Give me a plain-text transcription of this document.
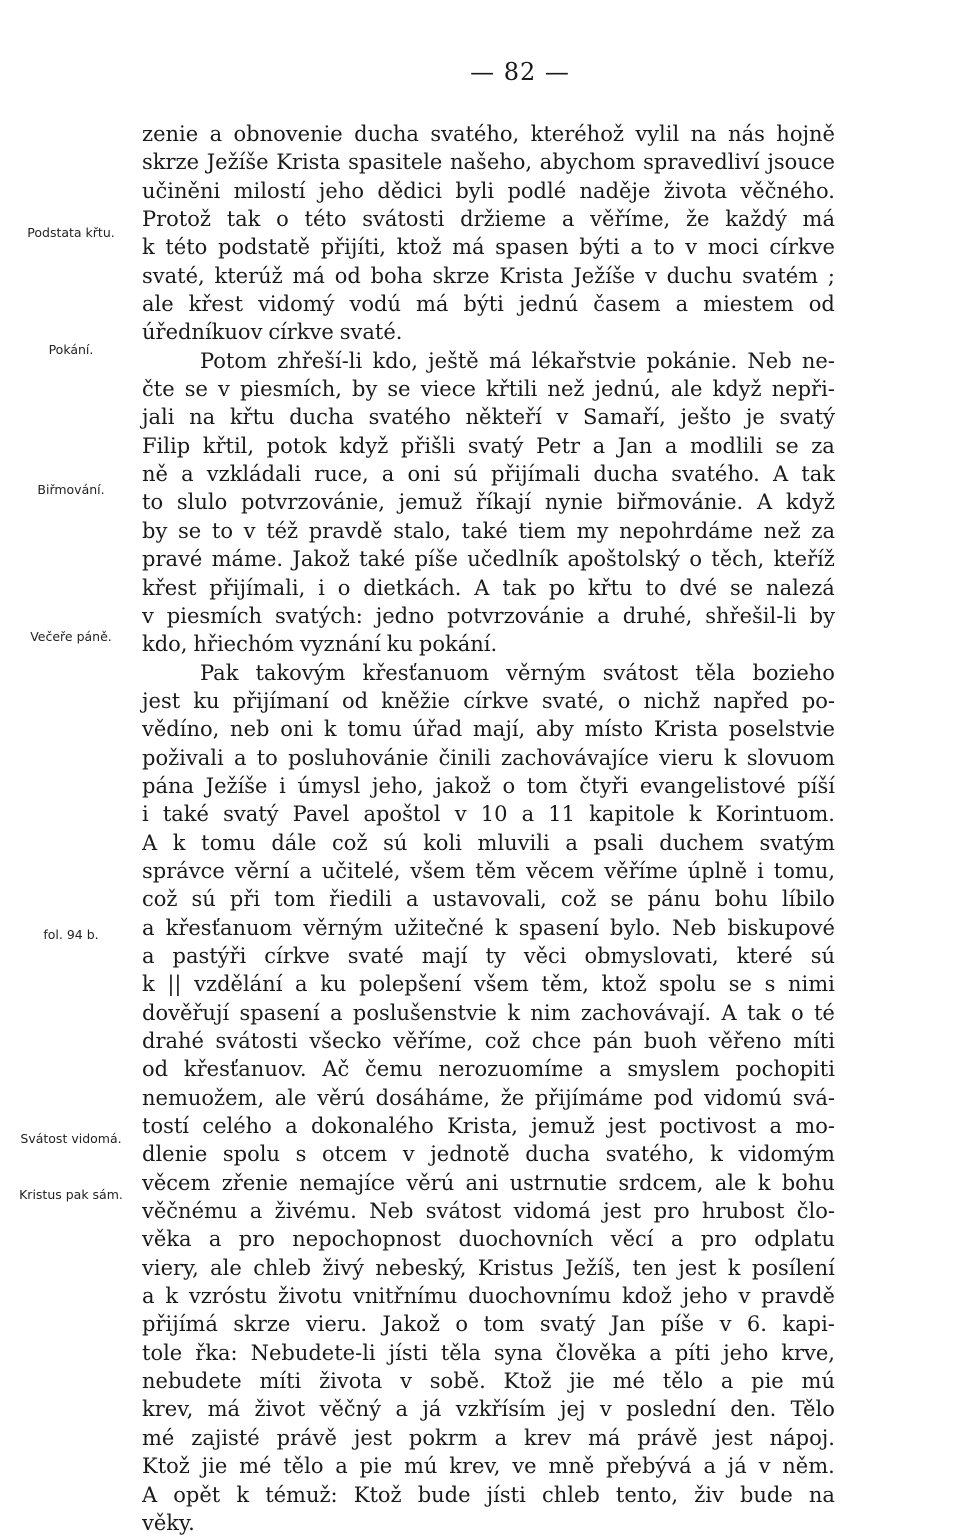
— 82 —
Podstata křtu.
Pokání.
Biřmování.
Večeře páně.
fol. 94 b.
Svátost vidomá.
Kristus pak sám.
zenie a obnovenie ducha svatého, kteréhož vylil na nás hojně
skrze Ježíše Krista spasitele našeho, abychom spravedliví jsouce
učiněni milostí jeho dědici byli podlé naděje života věčného.
Protož tak o této svátosti držieme a věříme, že každý má
k této podstatě přijíti, ktož má spasen býti a to v moci církve
svaté, kterúž má od boha skrze Krista Ježíše v duchu svatém ;
ale křest vidomý vodú má býti jednú časem a miestem od
úředníkuov církve svaté.
Potom zhřeší-li kdo, ještě má lékařstvie pokánie. Neb ne-
čte se v piesmích, by se viece křtili než jednú, ale když nepři-
jali na křtu ducha svatého někteří v Samaří, ješto je svatý
Filip křtil, potok když přišli svatý Petr a Jan a modlili se za
ně a vzkládali ruce, a oni sú přijímali ducha svatého. A tak
to slulo potvrzovánie, jemuž říkají nynie biřmovánie. A když
by se to v též pravdě stalo, také tiem my nepohrdáme než za
pravé máme. Jakož také píše učedlník apoštolský o těch, kteříž
křest přijímali, i o dietkách. A tak po křtu to dvé se nalezá
v piesmích svatých: jedno potvrzovánie a druhé, shřešil-li by
kdo, hřiechóm vyznání ku pokání.
Pak takovým křesťanuom věrným svátost těla bozieho
jest ku přijímaní od kněžie církve svaté, o nichž napřed po-
vědíno, neb oni k tomu úřad mají, aby místo Krista poselstvie
poživali a to posluhovánie činili zachovávajíce vieru k slovuom
pána Ježíše i úmysl jeho, jakož o tom čtyři evangelistové píší
i také svatý Pavel apoštol v 10 a 11 kapitole k Korintuom.
A k tomu dále což sú koli mluvili a psali duchem svatým
správce věrní a učitelé, všem těm věcem věříme úplně i tomu,
což sú při tom řiedili a ustavovali, což se pánu bohu líbilo
a křesťanuom věrným užitečné k spasení bylo. Neb biskupové
a pastýři církve svaté mají ty věci obmyslovati, které sú
k || vzdělání a ku polepšení všem těm, ktož spolu se s nimi
dověřují spasení a poslušenstvie k nim zachovávají. A tak o té
drahé svátosti všecko věříme, což chce pán buoh věřeno míti
od křesťanuov. Ač čemu nerozuomíme a smyslem pochopiti
nemuožem, ale věrú dosáháme, že přijímáme pod vidomú svá-
tostí celého a dokonalého Krista, jemuž jest poctivost a mo-
dlenie spolu s otcem v jednotě ducha svatého, k vidomým
věcem zřenie nemajíce věrú ani ustrnutie srdcem, ale k bohu
věčnému a živému. Neb svátost vidomá jest pro hrubost člo-
věka a pro nepochopnost duochovních věcí a pro odplatu
viery, ale chleb živý nebeský, Kristus Ježíš, ten jest k posílení
a k vzróstu životu vnitřnímu duochovnímu kdož jeho v pravdě
přijímá skrze vieru. Jakož o tom svatý Jan píše v 6. kapi-
tole řka: Nebudete-li jísti těla syna člověka a píti jeho krve,
nebudete míti života v sobě. Ktož jie mé tělo a pie mú
krev, má život věčný a já vzkřísím jej v poslední den. Tělo
mé zajisté právě jest pokrm a krev má právě jest nápoj.
Ktož jie mé tělo a pie mú krev, ve mně přebývá a já v něm.
A opět k témuž: Ktož bude jísti chleb tento, živ bude na
věky.
